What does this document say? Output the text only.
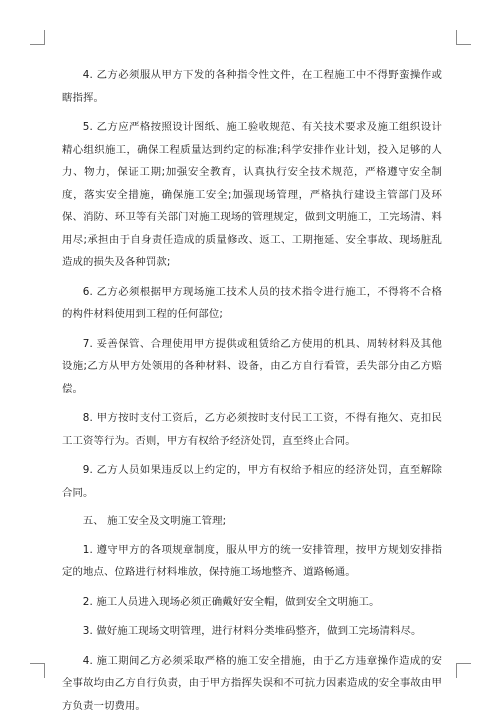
4. 乙方必须服从甲方下发的各种指令性文件，在工程施工中不得野蛮操作或瞎指挥。

5. 乙方应严格按照设计图纸、施工验收规范、有关技术要求及施工组织设计精心组织施工，确保工程质量达到约定的标准;科学安排作业计划，投入足够的人力、物力，保证工期;加强安全教育，认真执行安全技术规范，严格遵守安全制度，落实安全措施，确保施工安全;加强现场管理，严格执行建设主管部门及环保、消防、环卫等有关部门对施工现场的管理规定，做到文明施工，工完场清、料用尽;承担由于自身责任造成的质量修改、返工、工期拖延、安全事故、现场脏乱造成的损失及各种罚款;

6. 乙方必须根据甲方现场施工技术人员的技术指令进行施工，不得将不合格的构件材料使用到工程的任何部位;

7. 妥善保管、合理使用甲方提供或租赁给乙方使用的机具、周转材料及其他设施;乙方从甲方处领用的各种材料、设备，由乙方自行看管，丢失部分由乙方赔偿。

8. 甲方按时支付工资后，乙方必须按时支付民工工资，不得有拖欠、克扣民工工资等行为。否则，甲方有权给予经济处罚，直至终止合同。

9. 乙方人员如果违反以上约定的，甲方有权给予相应的经济处罚，直至解除合同。

五、 施工安全及文明施工管理;

1. 遵守甲方的各项规章制度，服从甲方的统一安排管理，按甲方规划安排指定的地点、位路进行材料堆放，保持施工场地整齐、道路畅通。

2. 施工人员进入现场必须正确戴好安全帽，做到安全文明施工。

3. 做好施工现场文明管理，进行材料分类堆码整齐，做到工完场清料尽。

4. 施工期间乙方必须采取严格的施工安全措施，由于乙方违章操作造成的安全事故均由乙方自行负责，由于甲方指挥失误和不可抗力因素造成的安全事故由甲方负责一切费用。
